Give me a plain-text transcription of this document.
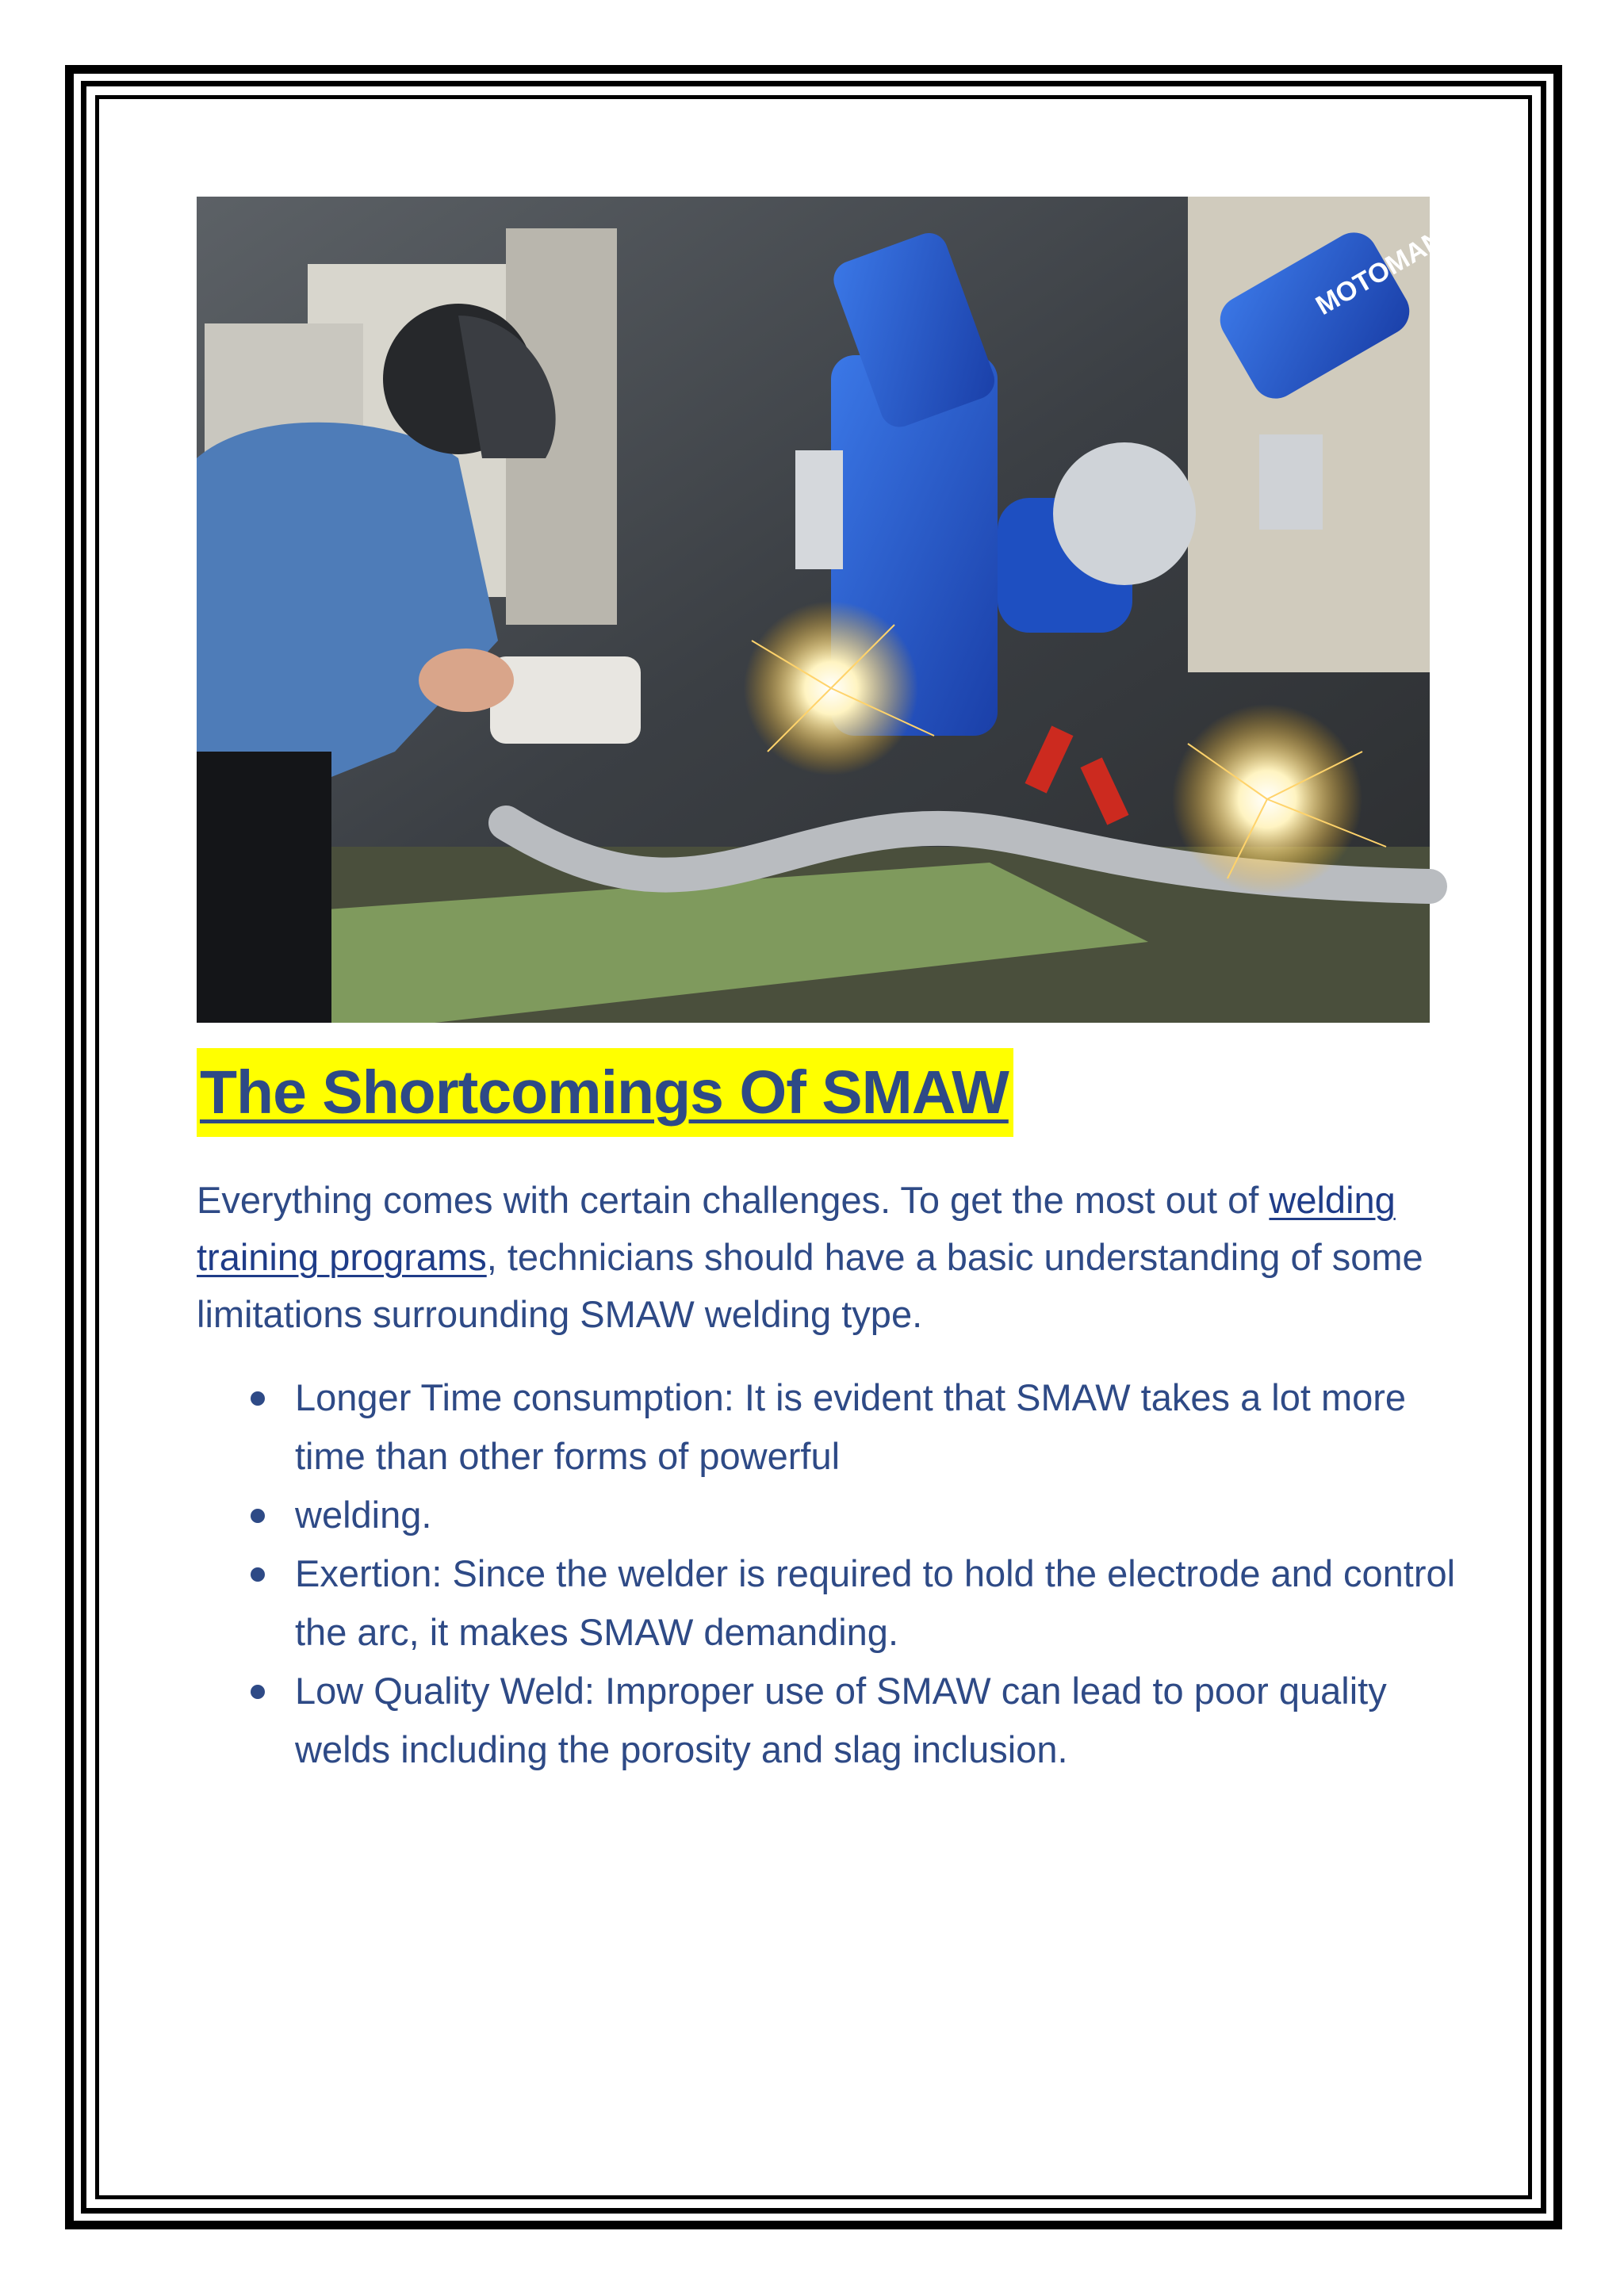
MOTOMAN
The Shortcomings Of SMAW

Everything comes with certain challenges. To get the most out of welding training programs, technicians should have a basic understanding of some limitations surrounding SMAW welding type.

Longer Time consumption: It is evident that SMAW takes a lot more time than other forms of powerful
welding.
Exertion: Since the welder is required to hold the electrode and control the arc, it makes SMAW demanding.
Low Quality Weld: Improper use of SMAW can lead to poor quality welds including the porosity and slag inclusion.
